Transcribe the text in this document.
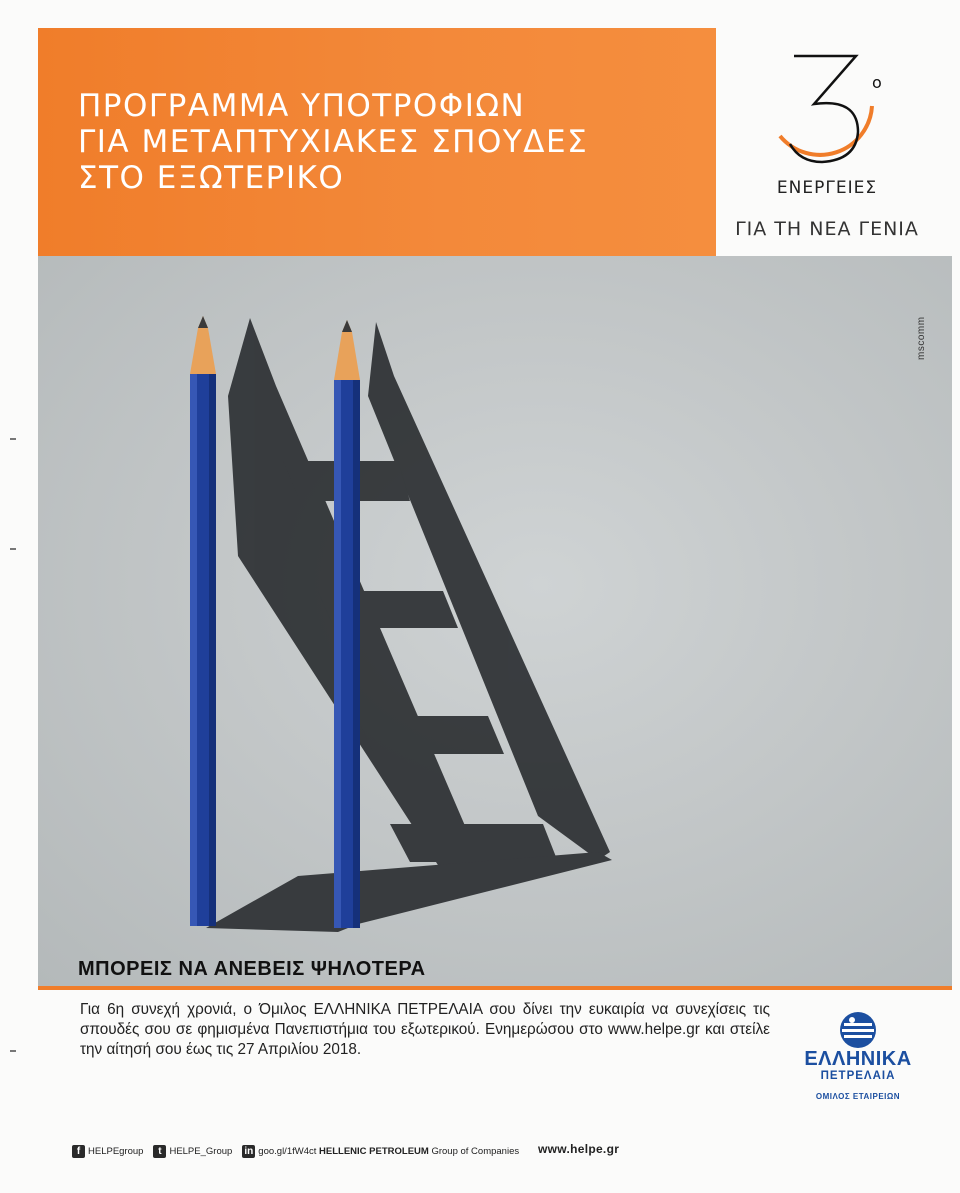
ΠΡΟΓΡΑΜΜΑ ΥΠΟΤΡΟΦΙΩΝ
ΓΙΑ ΜΕΤΑΠΤΥΧΙΑΚΕΣ ΣΠΟΥΔΕΣ
ΣΤΟ ΕΞΩΤΕΡΙΚΟ
o
ΕΝΕΡΓΕΙΕΣ
ΓΙΑ ΤΗ ΝΕΑ ΓΕΝΙΑ
mscomm
ΜΠΟΡΕΙΣ ΝΑ ΑΝΕΒΕΙΣ ΨΗΛΟΤΕΡΑ
Για 6η συνεχή χρονιά, ο Όμιλος ΕΛΛΗΝΙΚΑ ΠΕΤΡΕΛΑΙΑ σου δίνει την ευκαιρία να συνεχίσεις τις σπουδές σου σε φημισμένα Πανεπιστήμια του εξωτερικού. Ενημερώσου στο www.helpe.gr και στείλε την αίτησή σου έως τις 27 Απριλίου 2018.	ΕΛΛΗΝΙΚΑ
ΠΕΤΡΕΛΑΙΑ
ΟΜΙΛΟΣ ΕΤΑΙΡΕΙΩΝ
f HELPEgroup	t HELPE_Group in goo.gl/1fW4ct
HELLENIC PETROLEUM
Group of Companies www.helpe.gr
